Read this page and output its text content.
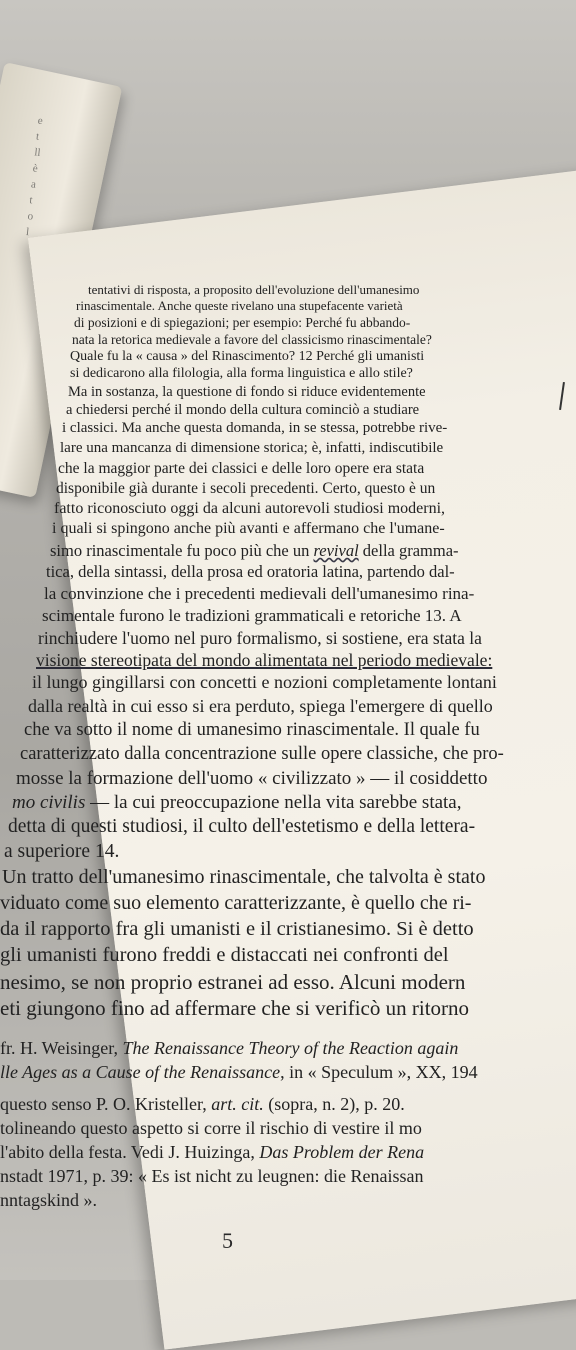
e
t
ll
è
a
t
o
l
tentativi di risposta, a proposito dell'evoluzione dell'umanesimo
rinascimentale. Anche queste rivelano una stupefacente varietà
di posizioni e di spiegazioni; per esempio: Perché fu abbando-
nata la retorica medievale a favore del classicismo rinascimentale?
Quale fu la « causa » del Rinascimento? 12 Perché gli umanisti
si dedicarono alla filologia, alla forma linguistica e allo stile?
Ma in sostanza, la questione di fondo si riduce evidentemente
a chiedersi perché il mondo della cultura cominciò a studiare
i classici. Ma anche questa domanda, in se stessa, potrebbe rive-
lare una mancanza di dimensione storica; è, infatti, indiscutibile
che la maggior parte dei classici e delle loro opere era stata
disponibile già durante i secoli precedenti. Certo, questo è un
fatto riconosciuto oggi da alcuni autorevoli studiosi moderni,
i quali si spingono anche più avanti e affermano che l'umane-
simo rinascimentale fu poco più che un revival della gramma-
tica, della sintassi, della prosa ed oratoria latina, partendo dal-
la convinzione che i precedenti medievali dell'umanesimo rina-
scimentale furono le tradizioni grammaticali e retoriche 13. A
rinchiudere l'uomo nel puro formalismo, si sostiene, era stata la
visione stereotipata del mondo alimentata nel periodo medievale:
il lungo gingillarsi con concetti e nozioni completamente lontani
dalla realtà in cui esso si era perduto, spiega l'emergere di quello
che va sotto il nome di umanesimo rinascimentale. Il quale fu
caratterizzato dalla concentrazione sulle opere classiche, che pro-
mosse la formazione dell'uomo « civilizzato » — il cosiddetto
mo civilis — la cui preoccupazione nella vita sarebbe stata,
detta di questi studiosi, il culto dell'estetismo e della lettera-
a superiore 14.
Un tratto dell'umanesimo rinascimentale, che talvolta è stato
viduato come suo elemento caratterizzante, è quello che ri-
da il rapporto fra gli umanisti e il cristianesimo. Si è detto
gli umanisti furono freddi e distaccati nei confronti del
nesimo, se non proprio estranei ad esso. Alcuni modern
eti giungono fino ad affermare che si verificò un ritorno
fr. H. Weisinger, The Renaissance Theory of the Reaction again
lle Ages as a Cause of the Renaissance, in « Speculum », XX, 194
questo senso P. O. Kristeller, art. cit. (sopra, n. 2), p. 20.
tolineando questo aspetto si corre il rischio di vestire il mo
l'abito della festa. Vedi J. Huizinga, Das Problem der Rena
nstadt 1971, p. 39: « Es ist nicht zu leugnen: die Renaissan
nntagskind ».
5
